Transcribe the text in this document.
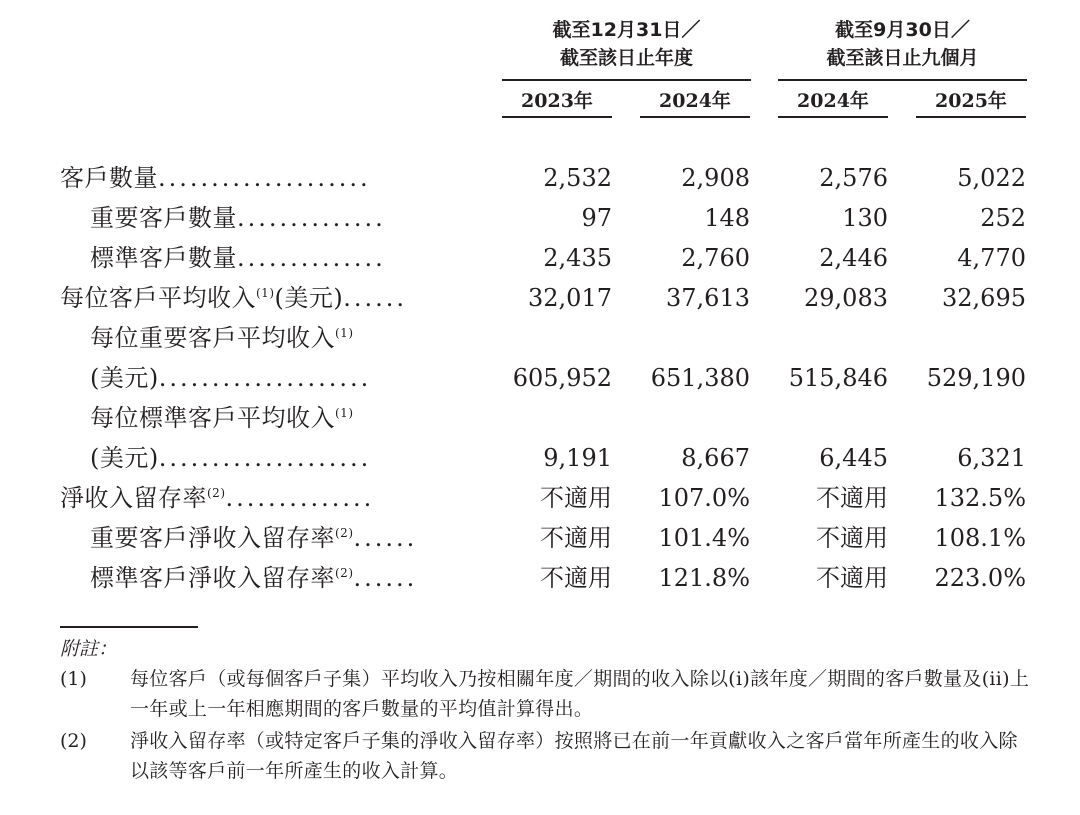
截至12月31日／
截至該日止年度
截至9月30日／
截至該日止九個月
2023年	2024年	2024年	2025年
客戶數量....................	2,532	2,908	2,576	5,022
重要客戶數量..............	97	148	130	252
標準客戶數量..............	2,435	2,760	2,446	4,770
每位客戶平均收入$^{(1)}$(美元)......	32,017	37,613	29,083	32,695
每位重要客戶平均收入$^{(1)}$
(美元)....................	605,952	651,380	515,846	529,190
每位標準客戶平均收入$^{(1)}$
(美元)....................	9,191	8,667	6,445	6,321
淨收入留存率$^{(2)}$..............	不適用	107.0%	不適用	132.5%
重要客戶淨收入留存率$^{(2)}$......	不適用	101.4%	不適用	108.1%
標準客戶淨收入留存率$^{(2)}$......	不適用	121.8%	不適用	223.0%
附註：
(1) 每位客戶（或每個客戶子集）平均收入乃按相關年度／期間的收入除以(i)該年度／期間的客戶數量及(ii)上一年或上一年相應期間的客戶數量的平均值計算得出。
(2) 淨收入留存率（或特定客戶子集的淨收入留存率）按照將已在前一年貢獻收入之客戶當年所產生的收入除以該等客戶前一年所產生的收入計算。
